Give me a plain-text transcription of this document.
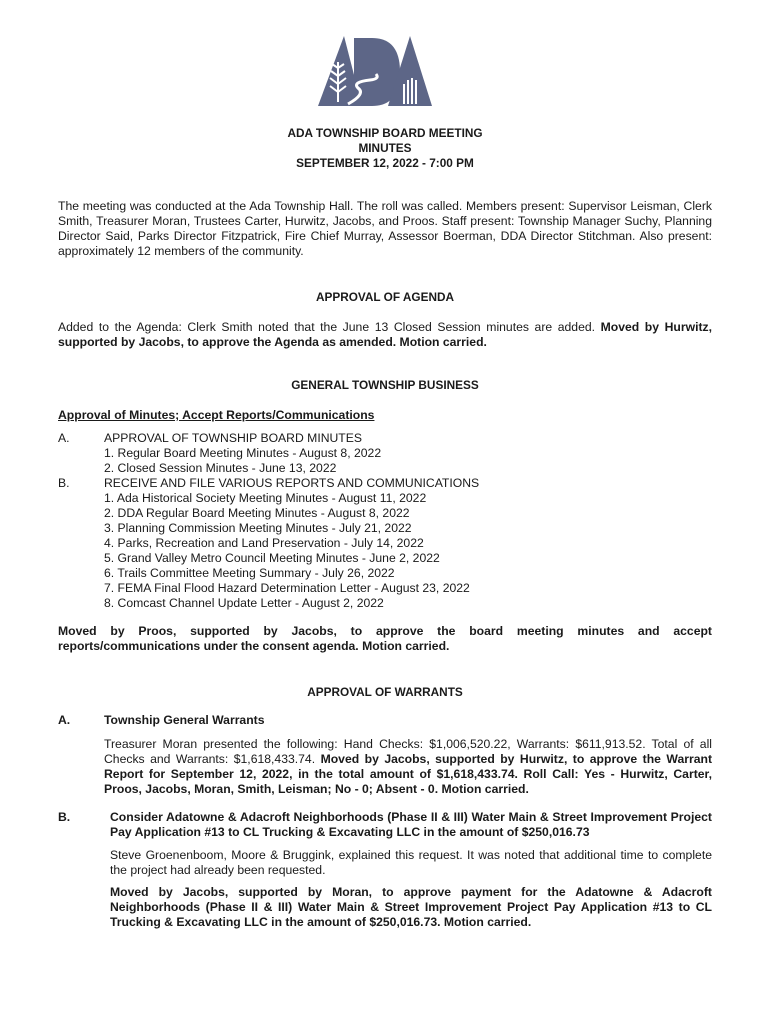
ADA TOWNSHIP BOARD MEETING
MINUTES
SEPTEMBER 12, 2022 - 7:00 PM
The meeting was conducted at the Ada Township Hall. The roll was called. Members present: Supervisor Leisman, Clerk Smith, Treasurer Moran, Trustees Carter, Hurwitz, Jacobs, and Proos. Staff present: Township Manager Suchy, Planning Director Said, Parks Director Fitzpatrick, Fire Chief Murray, Assessor Boerman, DDA Director Stitchman. Also present: approximately 12 members of the community.
APPROVAL OF AGENDA
Added to the Agenda: Clerk Smith noted that the June 13 Closed Session minutes are added. Moved by Hurwitz, supported by Jacobs, to approve the Agenda as amended. Motion carried.
GENERAL TOWNSHIP BUSINESS
Approval of Minutes; Accept Reports/Communications
A.	APPROVAL OF TOWNSHIP BOARD MINUTES
1. Regular Board Meeting Minutes - August 8, 2022
2. Closed Session Minutes - June 13, 2022
B.	RECEIVE AND FILE VARIOUS REPORTS AND COMMUNICATIONS
1. Ada Historical Society Meeting Minutes - August 11, 2022
2. DDA Regular Board Meeting Minutes - August 8, 2022
3. Planning Commission Meeting Minutes - July 21, 2022
4. Parks, Recreation and Land Preservation - July 14, 2022
5. Grand Valley Metro Council Meeting Minutes - June 2, 2022
6. Trails Committee Meeting Summary - July 26, 2022
7. FEMA Final Flood Hazard Determination Letter - August 23, 2022
8. Comcast Channel Update Letter - August 2, 2022
Moved by Proos, supported by Jacobs, to approve the board meeting minutes and accept reports/communications under the consent agenda. Motion carried.
APPROVAL OF WARRANTS
A.	Township General Warrants
Treasurer Moran presented the following: Hand Checks: $1,006,520.22, Warrants: $611,913.52. Total of all Checks and Warrants: $1,618,433.74. Moved by Jacobs, supported by Hurwitz, to approve the Warrant Report for September 12, 2022, in the total amount of $1,618,433.74. Roll Call: Yes - Hurwitz, Carter, Proos, Jacobs, Moran, Smith, Leisman; No - 0; Absent - 0. Motion carried.
B.	Consider Adatowne & Adacroft Neighborhoods (Phase II & III) Water Main & Street Improvement Project Pay Application #13 to CL Trucking & Excavating LLC in the amount of $250,016.73
Steve Groenenboom, Moore & Bruggink, explained this request. It was noted that additional time to complete the project had already been requested.
Moved by Jacobs, supported by Moran, to approve payment for the Adatowne & Adacroft Neighborhoods (Phase II & III) Water Main & Street Improvement Project Pay Application #13 to CL Trucking & Excavating LLC in the amount of $250,016.73. Motion carried.
